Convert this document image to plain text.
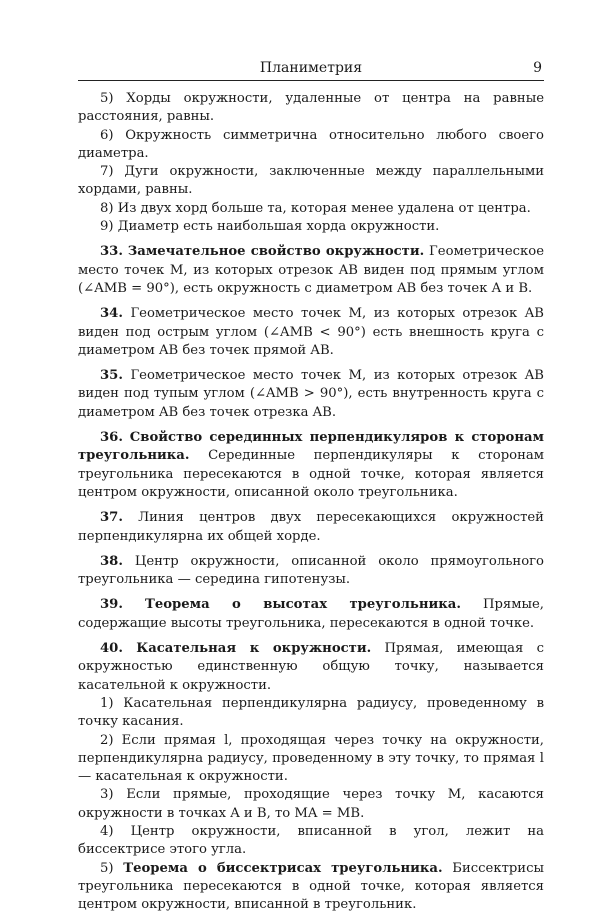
Планиметрия	9

5) Хорды окружности, удаленные от центра на равные расстояния, равны.

6) Окружность симметрична относительно любого своего диаметра.

7) Дуги окружности, заключенные между параллельными хордами, равны.

8) Из двух хорд больше та, которая менее удалена от центра.

9) Диаметр есть наибольшая хорда окружности.

33. Замечательное свойство окружности. Геометрическое место точек M, из которых отрезок AB виден под прямым углом (∠AMB = 90°), есть окружность с диаметром AB без точек A и B.

34. Геометрическое место точек M, из которых отрезок AB виден под острым углом (∠AMB < 90°) есть внешность круга с диаметром AB без точек прямой AB.

35. Геометрическое место точек M, из которых отрезок AB виден под тупым углом (∠AMB > 90°), есть внутренность круга с диаметром AB без точек отрезка AB.

36. Свойство серединных перпендикуляров к сторонам треугольника. Серединные перпендикуляры к сторонам треугольника пересекаются в одной точке, которая является центром окружности, описанной около треугольника.

37. Линия центров двух пересекающихся окружностей перпендикулярна их общей хорде.

38. Центр окружности, описанной около прямоугольного треугольника — середина гипотенузы.

39. Теорема о высотах треугольника. Прямые, содержащие высоты треугольника, пересекаются в одной точке.

40. Касательная к окружности. Прямая, имеющая с окружностью единственную общую точку, называется касательной к окружности.

1) Касательная перпендикулярна радиусу, проведенному в точку касания.

2) Если прямая l, проходящая через точку на окружности, перпендикулярна радиусу, проведенному в эту точку, то прямая l — касательная к окружности.

3) Если прямые, проходящие через точку M, касаются окружности в точках A и B, то MA = MB.

4) Центр окружности, вписанной в угол, лежит на биссектрисе этого угла.

5) Теорема о биссектрисах треугольника. Биссектрисы треугольника пересекаются в одной точке, которая является центром окружности, вписанной в треугольник.
